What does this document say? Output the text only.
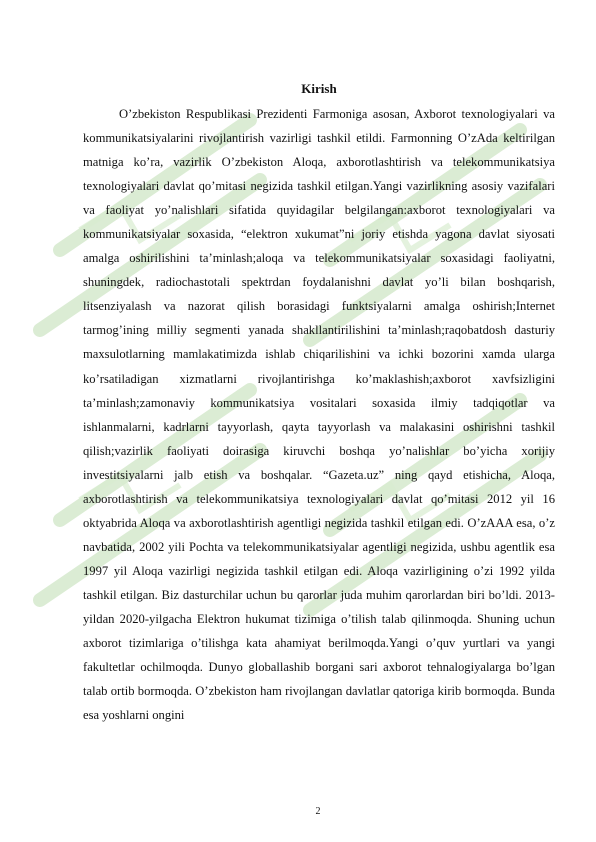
Kirish

O’zbekiston Respublikasi Prezidenti Farmoniga asosan, Axborot texnologiyalari va kommunikatsiyalarini rivojlantirish vazirligi tashkil etildi. Farmonning O’zAda keltirilgan matniga ko’ra, vazirlik O’zbekiston Aloqa, axborotlashtirish va telekommunikatsiya texnologiyalari davlat qo’mitasi negizida tashkil etilgan.Yangi vazirlikning asosiy vazifalari va faoliyat yo’nalishlari sifatida quyidagilar belgilangan:axborot texnologiyalari va kommunikatsiyalar soxasida, “elektron xukumat”ni joriy etishda yagona davlat siyosati amalga oshirilishini ta’minlash;aloqa va telekommunikatsiyalar soxasidagi faoliyatni, shuningdek, radiochastotali spektrdan foydalanishni davlat yo’li bilan boshqarish, litsenziyalash va nazorat qilish borasidagi funktsiyalarni amalga oshirish;Internet tarmog’ining milliy segmenti yanada shakllantirilishini ta’minlash;raqobatdosh dasturiy maxsulotlarning mamlakatimizda ishlab chiqarilishini va ichki bozorini xamda ularga ko’rsatiladigan xizmatlarni rivojlantirishga ko’maklashish;axborot xavfsizligini ta’minlash;zamonaviy kommunikatsiya vositalari soxasida ilmiy tadqiqotlar va ishlanmalarni, kadrlarni tayyorlash, qayta tayyorlash va malakasini oshirishni tashkil qilish;vazirlik faoliyati doirasiga kiruvchi boshqa yo’nalishlar bo’yicha xorijiy investitsiyalarni jalb etish va boshqalar. “Gazeta.uz” ning qayd etishicha, Aloqa, axborotlashtirish va telekommunikatsiya texnologiyalari davlat qo’mitasi 2012 yil 16 oktyabrida Aloqa va axborotlashtirish agentligi negizida tashkil etilgan edi. O’zAAA esa, o’z navbatida, 2002 yili Pochta va telekommunikatsiyalar agentligi negizida, ushbu agentlik esa 1997 yil Aloqa vazirligi negizida tashkil etilgan edi. Aloqa vazirligining o’zi 1992 yilda tashkil etilgan. Biz dasturchilar uchun bu qarorlar juda muhim qarorlardan biri bo’ldi. 2013- yildan 2020-yilgacha Elektron hukumat tizimiga o’tilish talab qilinmoqda. Shuning uchun axborot tizimlariga o’tilishga kata ahamiyat berilmoqda.Yangi o’quv yurtlari va yangi fakultetlar ochilmoqda. Dunyo globallashib borgani sari axborot tehnalogiyalarga bo’lgan talab ortib bormoqda. O’zbekiston ham rivojlangan davlatlar qatoriga kirib bormoqda. Bunda esa yoshlarni ongini

2
